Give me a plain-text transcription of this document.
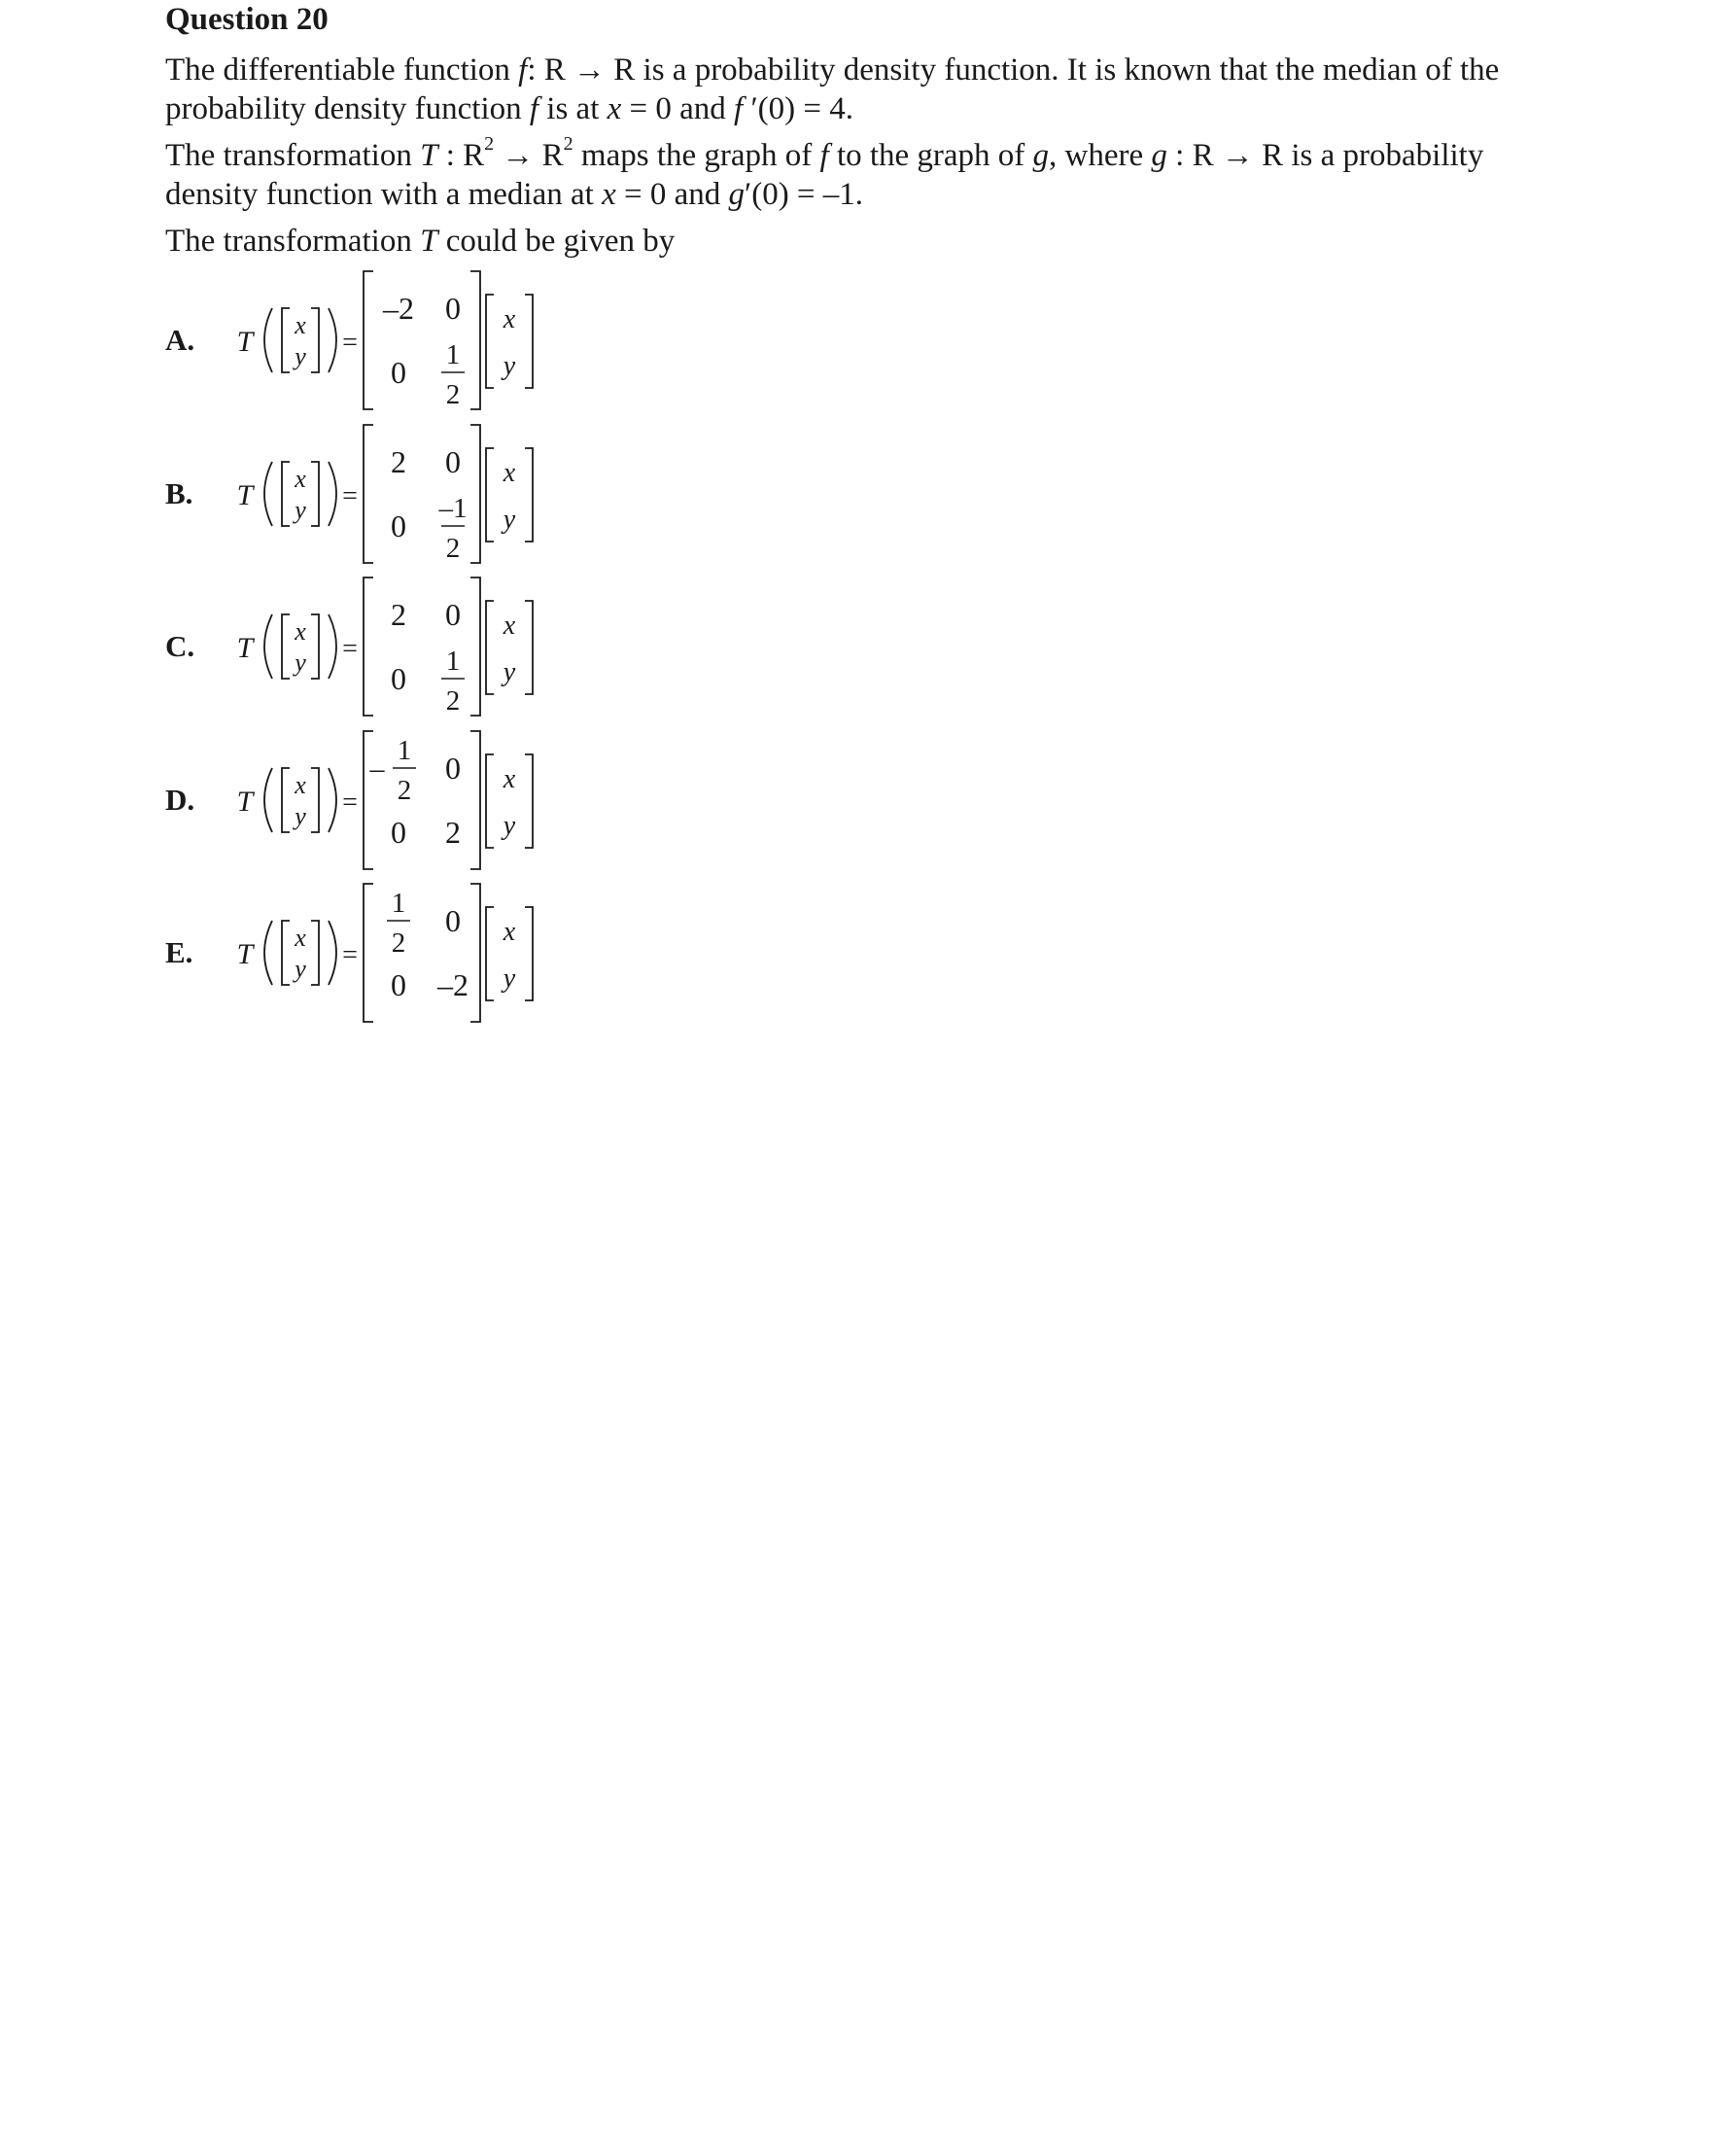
Question 20
The differentiable function f: R → R is a probability density function. It is known that the median of the probability density function f is at x = 0 and f ′(0) = 4.
The transformation T : $R^2 \to R^2$ maps the graph of f to the graph of g, where g : R → R is a probability density function with a median at x = 0 and g′(0) = –1.
The transformation T could be given by
A. T
x
y =
–2 0
0 1
2
x
y
B. T
x
y =
2 0
0 –1
2
x
y
C. T
x
y =
2 0
0 1
2
x
y
D. T
x
y =
–
1
2
0
0 2
x
y
E. T
x
y =
1
2
0
0 –2
x
y
